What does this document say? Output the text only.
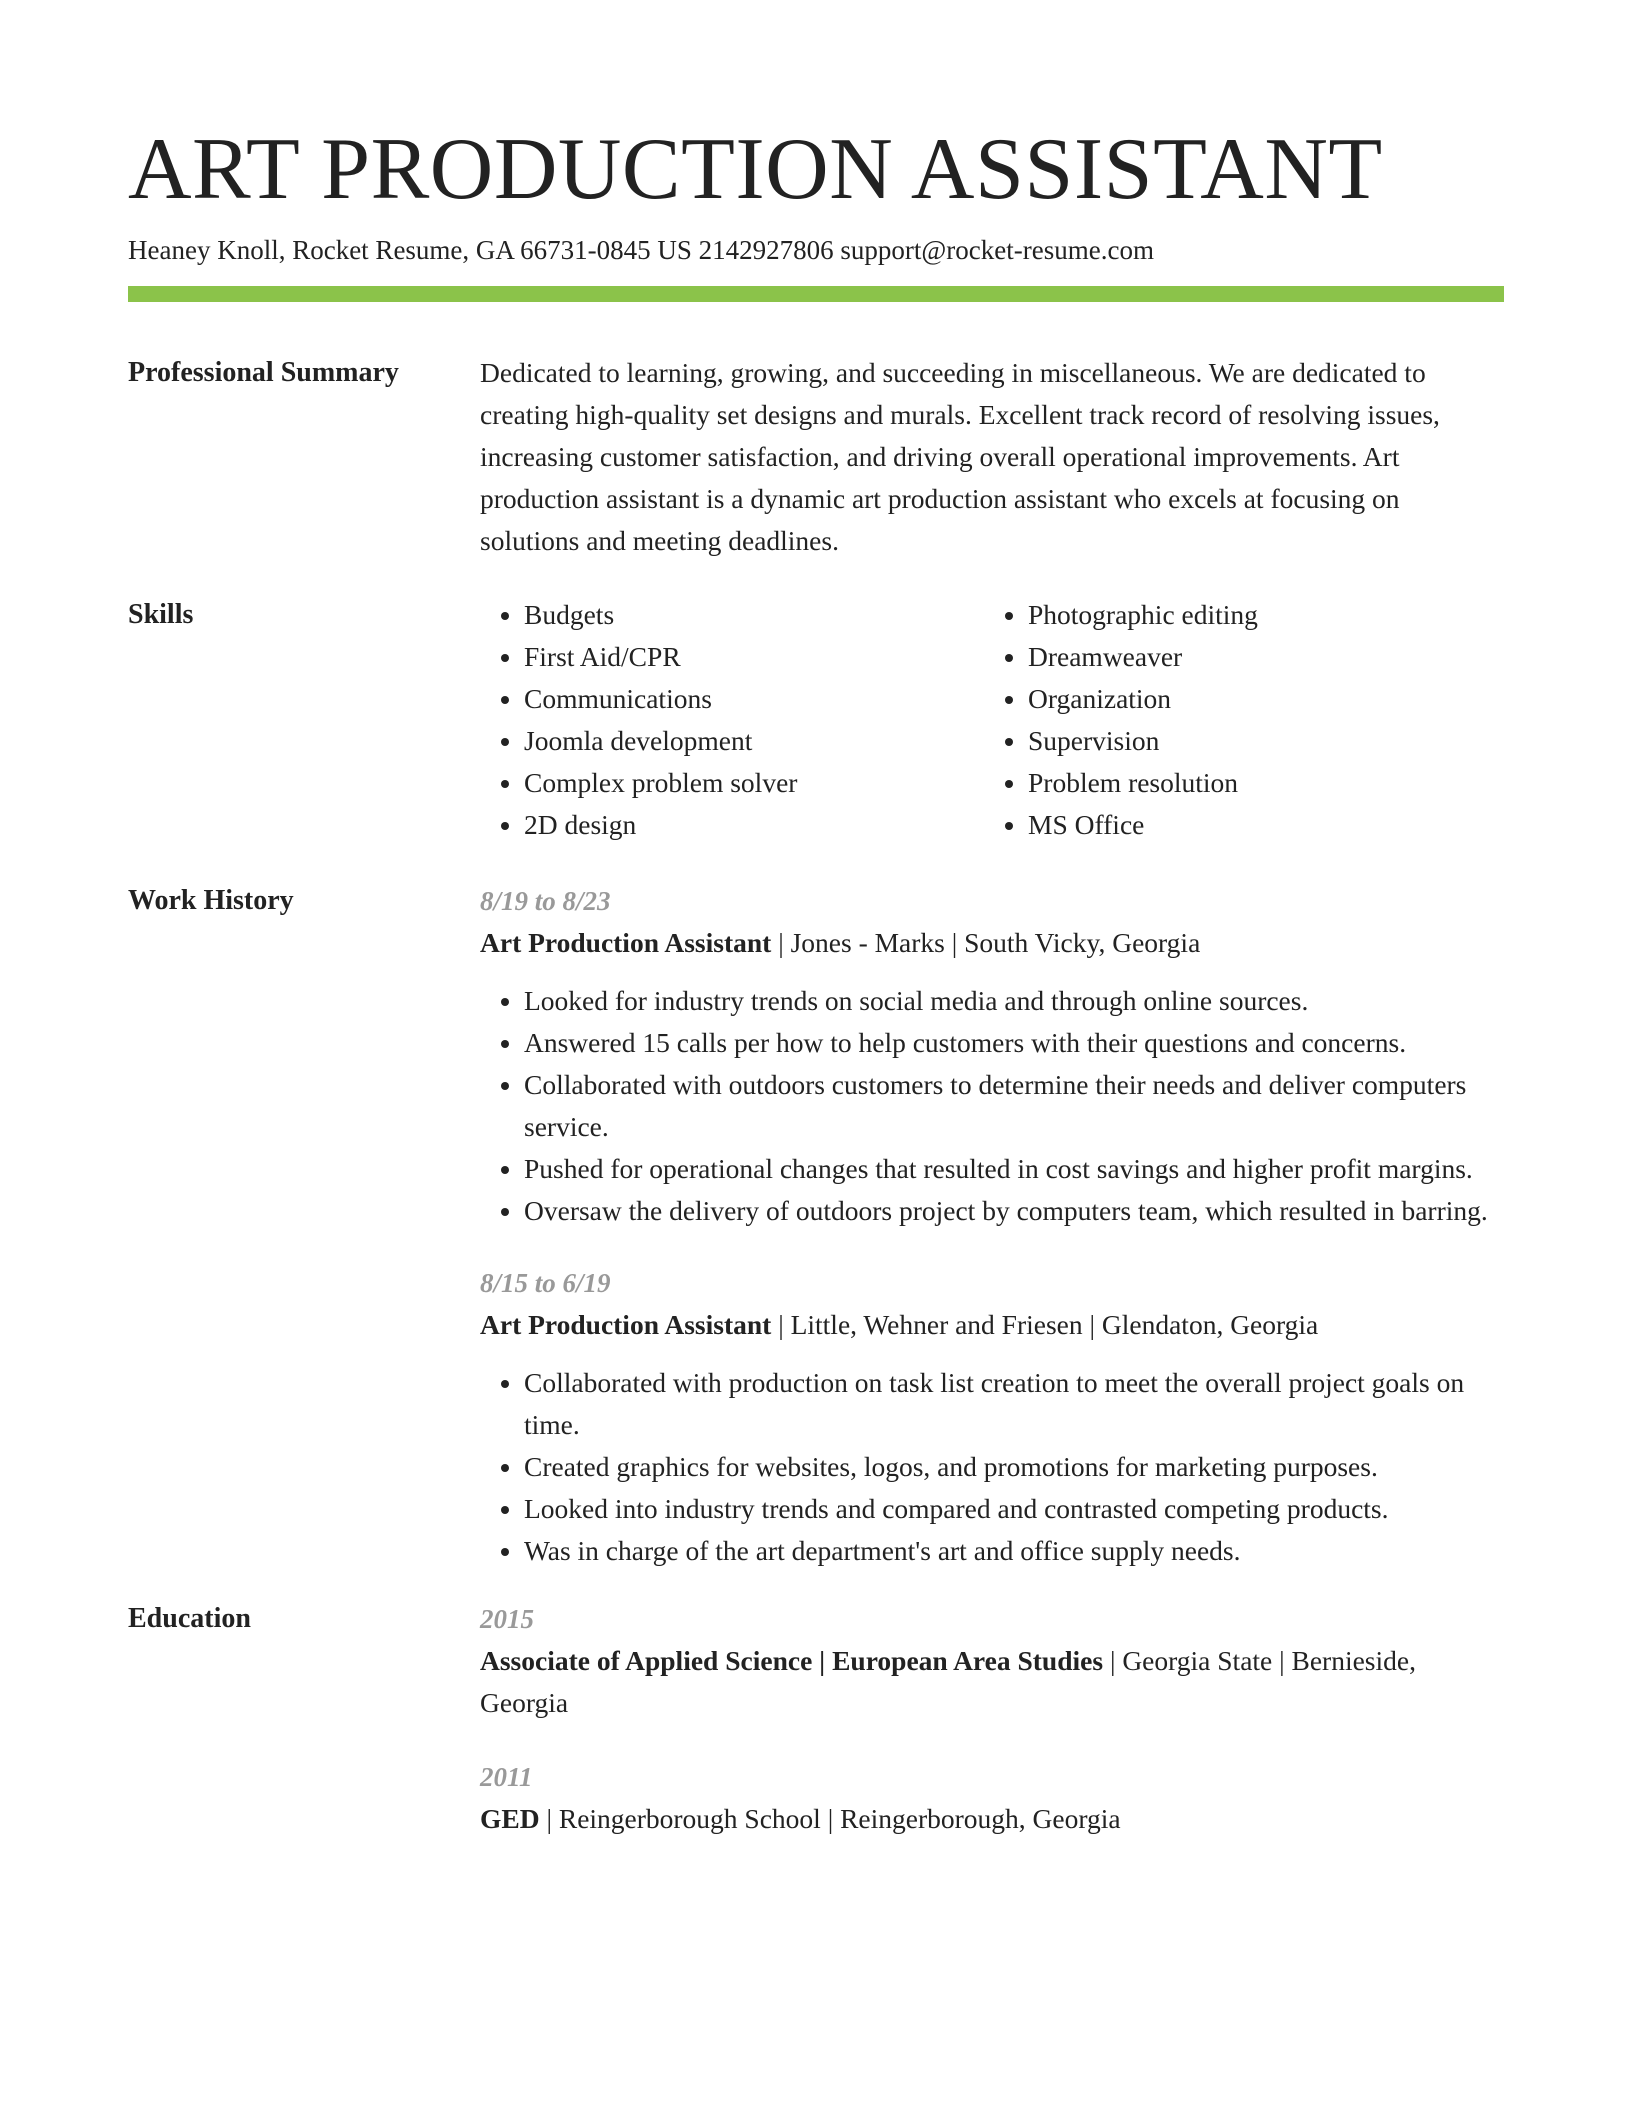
ART PRODUCTION ASSISTANT
Heaney Knoll, Rocket Resume, GA 66731-0845 US 2142927806 support@rocket-resume.com
Professional Summary	Dedicated to learning, growing, and succeeding in miscellaneous. We are dedicated to creating high-quality set designs and murals. Excellent track record of resolving issues, increasing customer satisfaction, and driving overall operational improvements. Art production assistant is a dynamic art production assistant who excels at focusing on solutions and meeting deadlines.

Skills
•	Budgets
• First Aid/CPR
• Communications
• Joomla development
• Complex problem solver
• 2D design
• Photographic editing
• Dreamweaver
• Organization
• Supervision
• Problem resolution
• MS Office
Work History	8/19 to 8/23
Art Production Assistant | Jones - Marks | South Vicky, Georgia
• Looked for industry trends on social media and through online sources.
• Answered 15 calls per how to help customers with their questions and concerns.
• Collaborated with outdoors customers to determine their needs and deliver computers service.
• Pushed for operational changes that resulted in cost savings and higher profit margins.
• Oversaw the delivery of outdoors project by computers team, which resulted in barring.
8/15 to 6/19
Art Production Assistant | Little, Wehner and Friesen | Glendaton, Georgia
• Collaborated with production on task list creation to meet the overall project goals on time.
• Created graphics for websites, logos, and promotions for marketing purposes.
• Looked into industry trends and compared and contrasted competing products.
• Was in charge of the art department's art and office supply needs.
Education	2015
Associate of Applied Science | European Area Studies | Georgia State | Bernieside, Georgia
2011
GED | Reingerborough School | Reingerborough, Georgia
